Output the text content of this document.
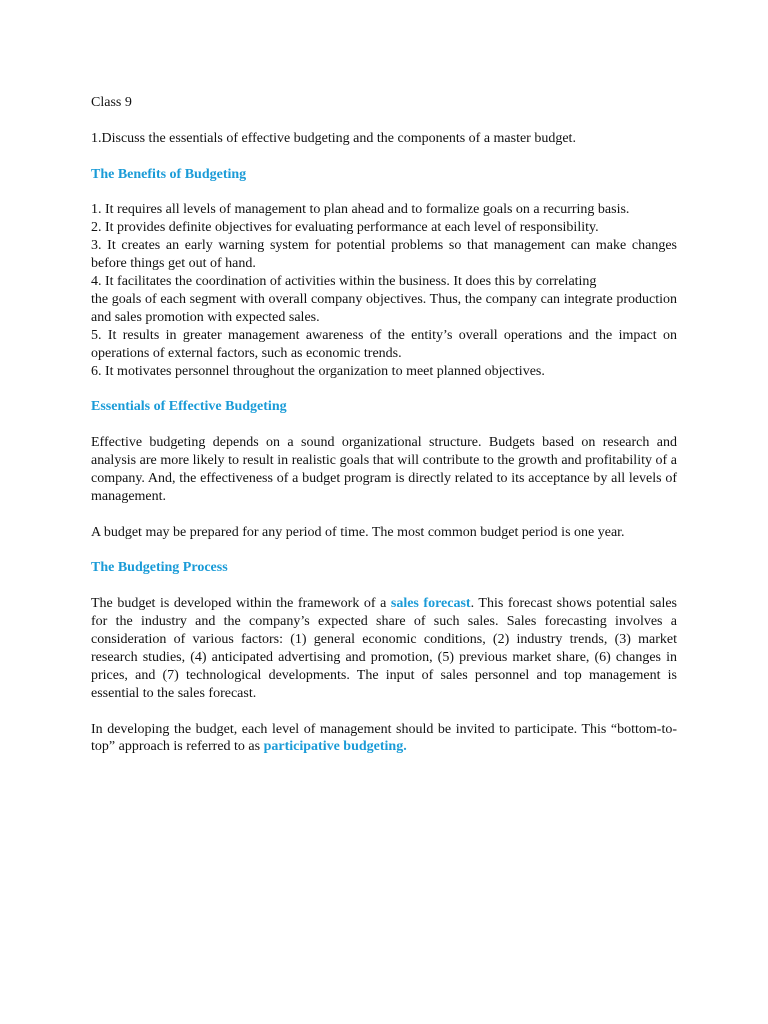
Class 9

1.Discuss the essentials of effective budgeting and the components of a master budget.

The Benefits of Budgeting

1. It requires all levels of management to plan ahead and to formalize goals on a recurring basis.

2. It provides definite objectives for evaluating performance at each level of responsibility.

3. It creates an early warning system for potential problems so that management can make changes before things get out of hand.

4. It facilitates the coordination of activities within the business. It does this by correlating

the goals of each segment with overall company objectives. Thus, the company can integrate production and sales promotion with expected sales.

5. It results in greater management awareness of the entity’s overall operations and the impact on operations of external factors, such as economic trends.

6. It motivates personnel throughout the organization to meet planned objectives.

Essentials of Effective Budgeting

Effective budgeting depends on a sound organizational structure. Budgets based on research and analysis are more likely to result in realistic goals that will contribute to the growth and profitability of a company. And, the effectiveness of a budget program is directly related to its acceptance by all levels of management.

A budget may be prepared for any period of time. The most common budget period is one year.

The Budgeting Process

The budget is developed within the framework of a sales forecast. This forecast shows potential sales for the industry and the company’s expected share of such sales. Sales forecasting involves a consideration of various factors: (1) general economic conditions, (2) industry trends, (3) market research studies, (4) anticipated advertising and promotion, (5) previous market share, (6) changes in prices, and (7) technological developments. The input of sales personnel and top management is essential to the sales forecast.

In developing the budget, each level of management should be invited to participate. This “bottom-to-top” approach is referred to as participative budgeting.
